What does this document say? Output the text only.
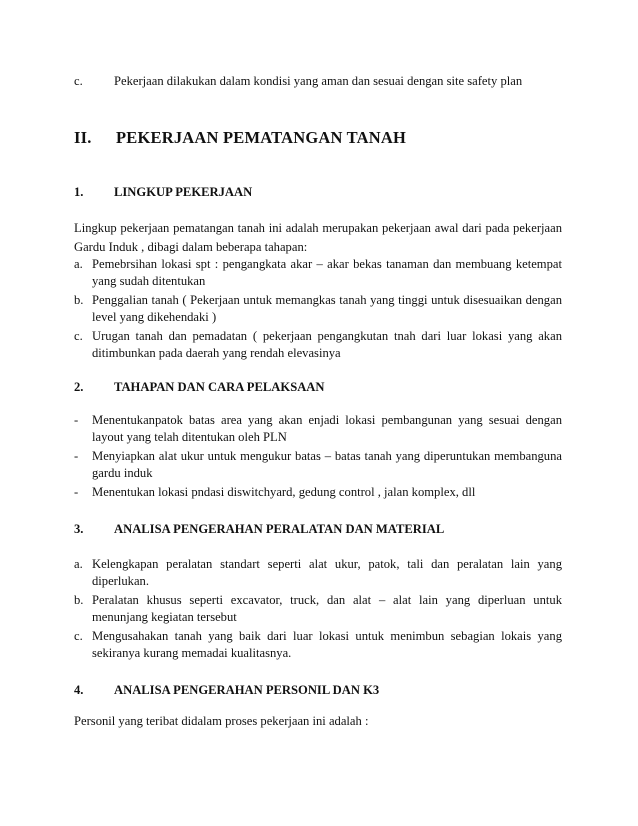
c. Pekerjaan dilakukan dalam kondisi yang aman dan sesuai dengan site safety plan
II. PEKERJAAN PEMATANGAN TANAH
1. LINGKUP PEKERJAAN

Lingkup pekerjaan pematangan tanah ini adalah merupakan pekerjaan awal dari pada pekerjaan Gardu Induk , dibagi dalam beberapa tahapan:

a. Pemebrsihan lokasi spt : pengangkata akar – akar bekas tanaman dan membuang ketempat yang sudah ditentukan
b. Penggalian tanah ( Pekerjaan untuk memangkas tanah yang tinggi untuk disesuaikan dengan level yang dikehendaki )
c. Urugan tanah dan pemadatan ( pekerjaan pengangkutan tnah dari luar lokasi yang akan ditimbunkan pada daerah yang rendah elevasinya
2. TAHAPAN DAN CARA PELAKSAAN
- Menentukanpatok batas area yang akan enjadi lokasi pembangunan yang sesuai dengan layout yang telah ditentukan oleh PLN
- Menyiapkan alat ukur untuk mengukur batas – batas tanah yang diperuntukan membanguna gardu induk
- Menentukan lokasi pndasi diswitchyard, gedung control , jalan komplex, dll
3. ANALISA PENGERAHAN PERALATAN DAN MATERIAL
a. Kelengkapan peralatan standart seperti alat ukur, patok, tali dan peralatan lain yang diperlukan.
b. Peralatan khusus seperti excavator, truck, dan alat – alat lain yang diperluan untuk menunjang kegiatan tersebut
c. Mengusahakan tanah yang baik dari luar lokasi untuk menimbun sebagian lokais yang sekiranya kurang memadai kualitasnya.
4. ANALISA PENGERAHAN PERSONIL DAN K3

Personil yang teribat didalam proses pekerjaan ini adalah :
